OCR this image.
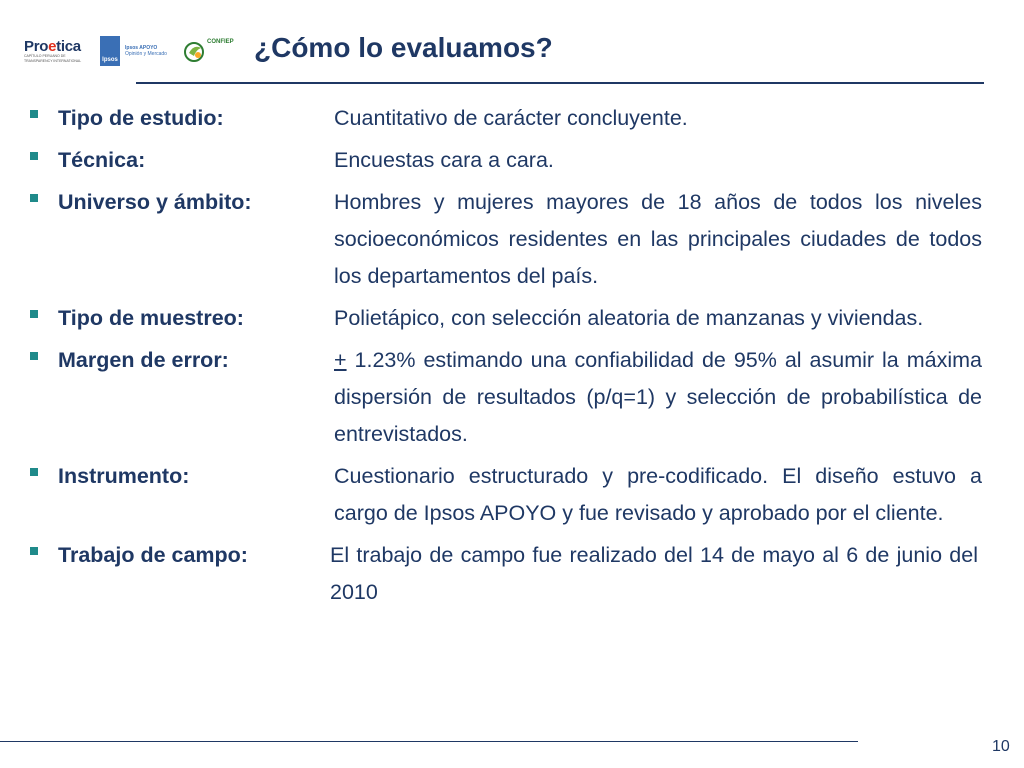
Proetica
CAPÍTULO PERUANO DE TRANSPARENCY INTERNATIONAL	Ipsos
Ipsos APOYO
Opinión y Mercado
CONFIEP ¿Cómo lo evaluamos?
Tipo de estudio:	Cuantitativo de carácter concluyente.
Técnica:	Encuestas cara a cara.
Universo y ámbito:	Hombres y mujeres mayores de 18 años de todos los niveles socioeconómicos residentes en las principales ciudades de todos los departamentos del país.
Tipo de muestreo:	Polietápico, con selección aleatoria de manzanas y viviendas.
Margen de error:	+ 1.23% estimando una confiabilidad de 95% al asumir la máxima dispersión de resultados (p/q=1) y selección de probabilística de entrevistados.
Instrumento:	Cuestionario estructurado y pre-codificado. El diseño estuvo a cargo de Ipsos APOYO y fue revisado y aprobado por el cliente.
Trabajo de campo:	El trabajo de campo fue realizado del 14 de mayo al 6 de junio del 2010
10
